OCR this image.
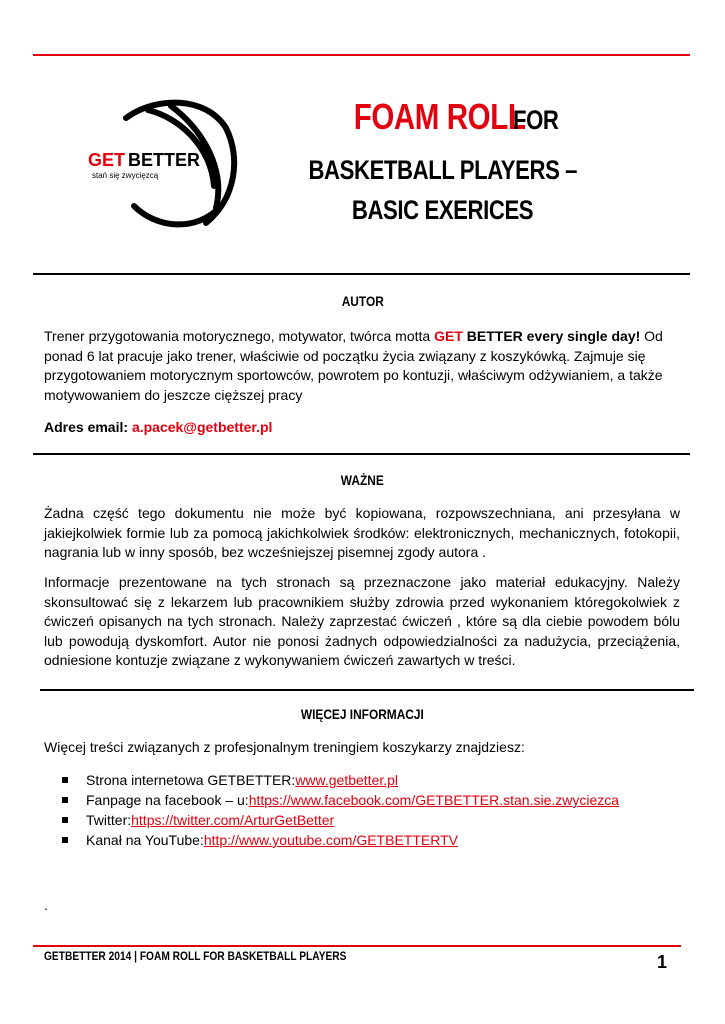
GET BETTER
stań się zwycięzcą
FOAM ROLLFOR
BASKETBALL PLAYERS –
BASIC EXERICES
AUTOR
Trener przygotowania motorycznego, motywator, twórca motta GET BETTER every single day! Od ponad 6 lat pracuje jako trener, właściwie od początku życia związany z koszykówką. Zajmuje się przygotowaniem motorycznym sportowców, powrotem po kontuzji, właściwym odżywianiem, a także motywowaniem do jeszcze cięższej pracy
Adres email: a.pacek@getbetter.pl
WAŻNE
Żadna część tego dokumentu nie może być kopiowana, rozpowszechniana, ani przesyłana w jakiejkolwiek formie lub za pomocą jakichkolwiek środków: elektronicznych, mechanicznych, fotokopii, nagrania lub w inny sposób, bez wcześniejszej pisemnej zgody autora .
Informacje prezentowane na tych stronach są przeznaczone jako materiał edukacyjny. Należy skonsultować się z lekarzem lub pracownikiem służby zdrowia przed wykonaniem któregokolwiek z ćwiczeń opisanych na tych stronach. Należy zaprzestać ćwiczeń , które są dla ciebie powodem bólu lub powodują dyskomfort. Autor nie ponosi żadnych odpowiedzialności za nadużycia, przeciążenia, odniesione kontuzje związane z wykonywaniem ćwiczeń zawartych w treści.
WIĘCEJ INFORMACJI
Więcej treści związanych z profesjonalnym treningiem koszykarzy znajdziesz:
Strona internetowa GETBETTER: www.getbetter.pl
Fanpage na facebook – u: https://www.facebook.com/GETBETTER.stan.sie.zwyciezca
Twitter: https://twitter.com/ArturGetBetter
Kanał na YouTube: http://www.youtube.com/GETBETTERTV
.
GETBETTER 2014 | FOAM ROLL FOR BASKETBALL PLAYERS	1
